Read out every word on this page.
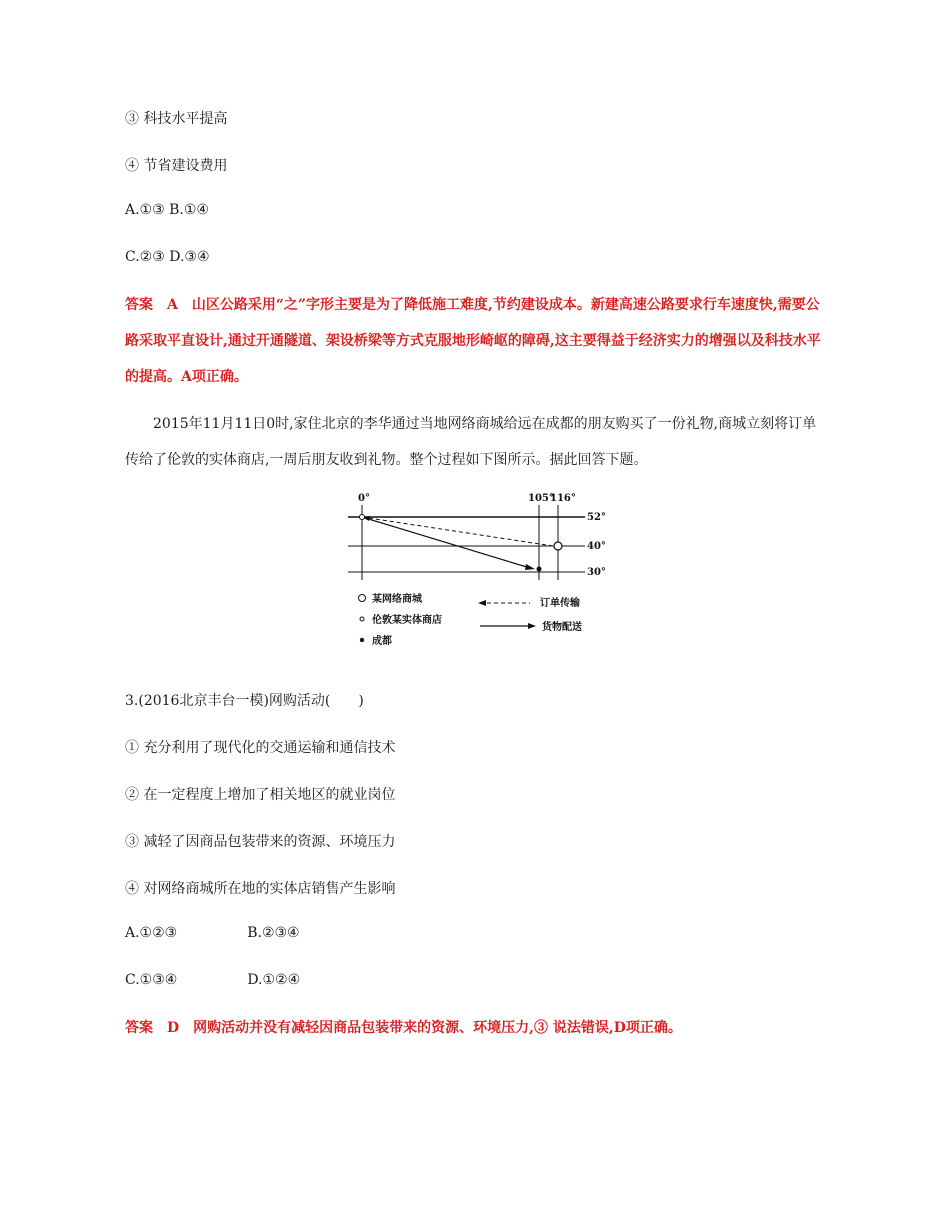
③ 科技水平提高
④ 节省建设费用
A.①③ B.①④
C.②③ D.③④
答案　A　山区公路采用“之”字形主要是为了降低施工难度,节约建设成本。新建高速公路要求行车速度快,需要公路采取平直设计,通过开通隧道、架设桥梁等方式克服地形崎岖的障碍,这主要得益于经济实力的增强以及科技水平的提高。A项正确。
2015年11月11日0时,家住北京的李华通过当地网络商城给远在成都的朋友购买了一份礼物,商城立刻将订单传给了伦敦的实体商店,一周后朋友收到礼物。整个过程如下图所示。据此回答下题。
0°	105°
116°
52°
40°
30°
某网络商城
伦敦某实体商店
成都
订单传输
货物配送
3.(2016北京丰台一模)网购活动(　　)
① 充分利用了现代化的交通运输和通信技术
② 在一定程度上增加了相关地区的就业岗位
③ 减轻了因商品包装带来的资源、环境压力
④ 对网络商城所在地的实体店销售产生影响
A.①②③	B.②③④
C.①③④	D.①②④
答案　D　网购活动并没有减轻因商品包装带来的资源、环境压力,③ 说法错误,D项正确。
